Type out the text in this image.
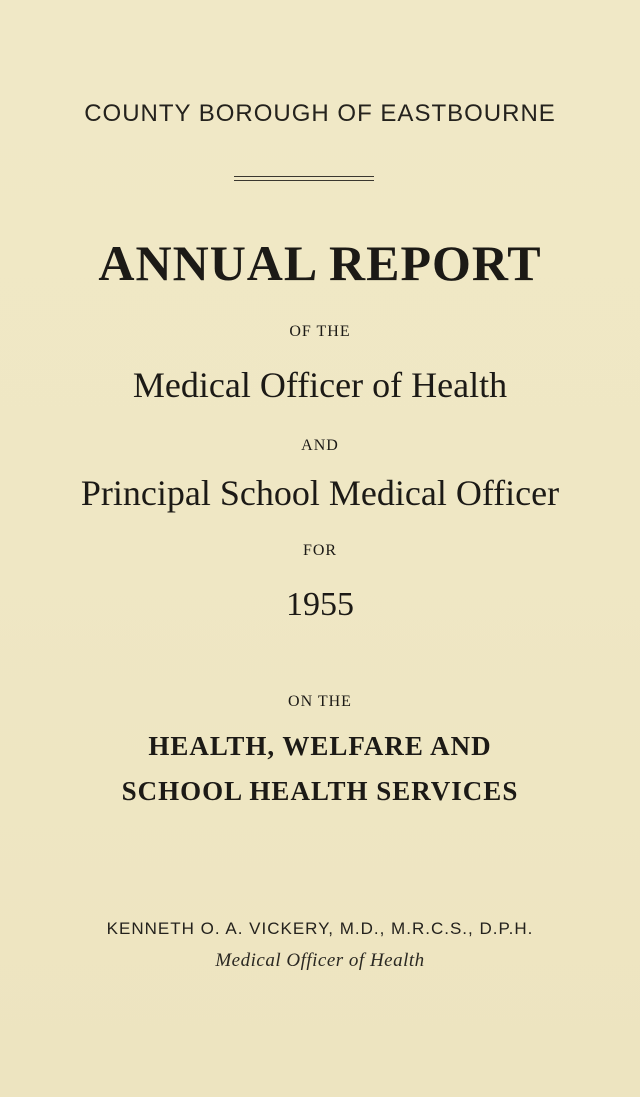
COUNTY BOROUGH OF EASTBOURNE
ANNUAL REPORT
OF THE
Medical Officer of Health
AND
Principal School Medical Officer
FOR
1955
ON THE
HEALTH, WELFARE AND
SCHOOL HEALTH SERVICES
KENNETH O. A. VICKERY, M.D., M.R.C.S., D.P.H.
Medical Officer of Health
